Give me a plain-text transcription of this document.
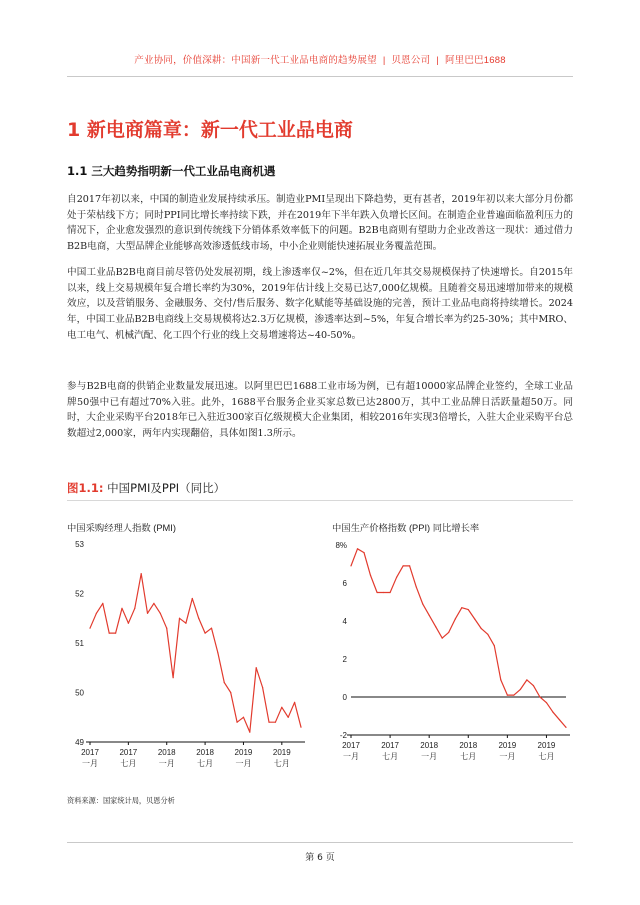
产业协同，价值深耕：中国新一代工业品电商的趋势展望 | 贝恩公司 | 阿里巴巴1688
1 新电商篇章：新一代工业品电商
1.1 三大趋势指明新一代工业品电商机遇
自2017年初以来，中国的制造业发展持续承压。制造业PMI呈现出下降趋势，更有甚者，2019年初以来大部分月份都处于荣枯线下方；同时PPI同比增长率持续下跌，并在2019年下半年跌入负增长区间。在制造企业普遍面临盈利压力的情况下，企业愈发强烈的意识到传统线下分销体系效率低下的问题。B2B电商则有望助力企业改善这一现状：通过借力B2B电商，大型品牌企业能够高效渗透低线市场，中小企业则能快速拓展业务覆盖范围。
中国工业品B2B电商目前尽管仍处发展初期，线上渗透率仅~2%，但在近几年其交易规模保持了快速增长。自2015年以来，线上交易规模年复合增长率约为30%，2019年估计线上交易已达7,000亿规模。且随着交易迅速增加带来的规模效应，以及营销服务、金融服务、交付/售后服务、数字化赋能等基础设施的完善，预计工业品电商将持续增长。2024年，中国工业品B2B电商线上交易规模将达2.3万亿规模，渗透率达到~5%，年复合增长率为约25-30%；其中MRO、电工电气、机械汽配、化工四个行业的线上交易增速将达~40-50%。
参与B2B电商的供销企业数量发展迅速。以阿里巴巴1688工业市场为例，已有超10000家品牌企业签约，全球工业品牌50强中已有超过70%入驻。此外，1688平台服务企业买家总数已达2800万，其中工业品牌日活跃量超50万。同时，大企业采购平台2018年已入驻近300家百亿级规模大企业集团，相较2016年实现3倍增长，入驻大企业采购平台总数超过2,000家，两年内实现翻倍，具体如图1.3所示。
图1.1: 中国PMI及PPI（同比）
中国采购经理人指数 (PMI)	中国生产价格指数 (PPI) 同比增长率
49
50
51
52
53
2017
一月
2017
七月
2018
一月
2018
七月
2019
一月
2019
七月
-2
0
2
4
6
8%
2017
一月
2017
七月
2018
一月
2018
七月
2019
一月
2019
七月
资料来源：国家统计局，贝恩分析
第 6 页
